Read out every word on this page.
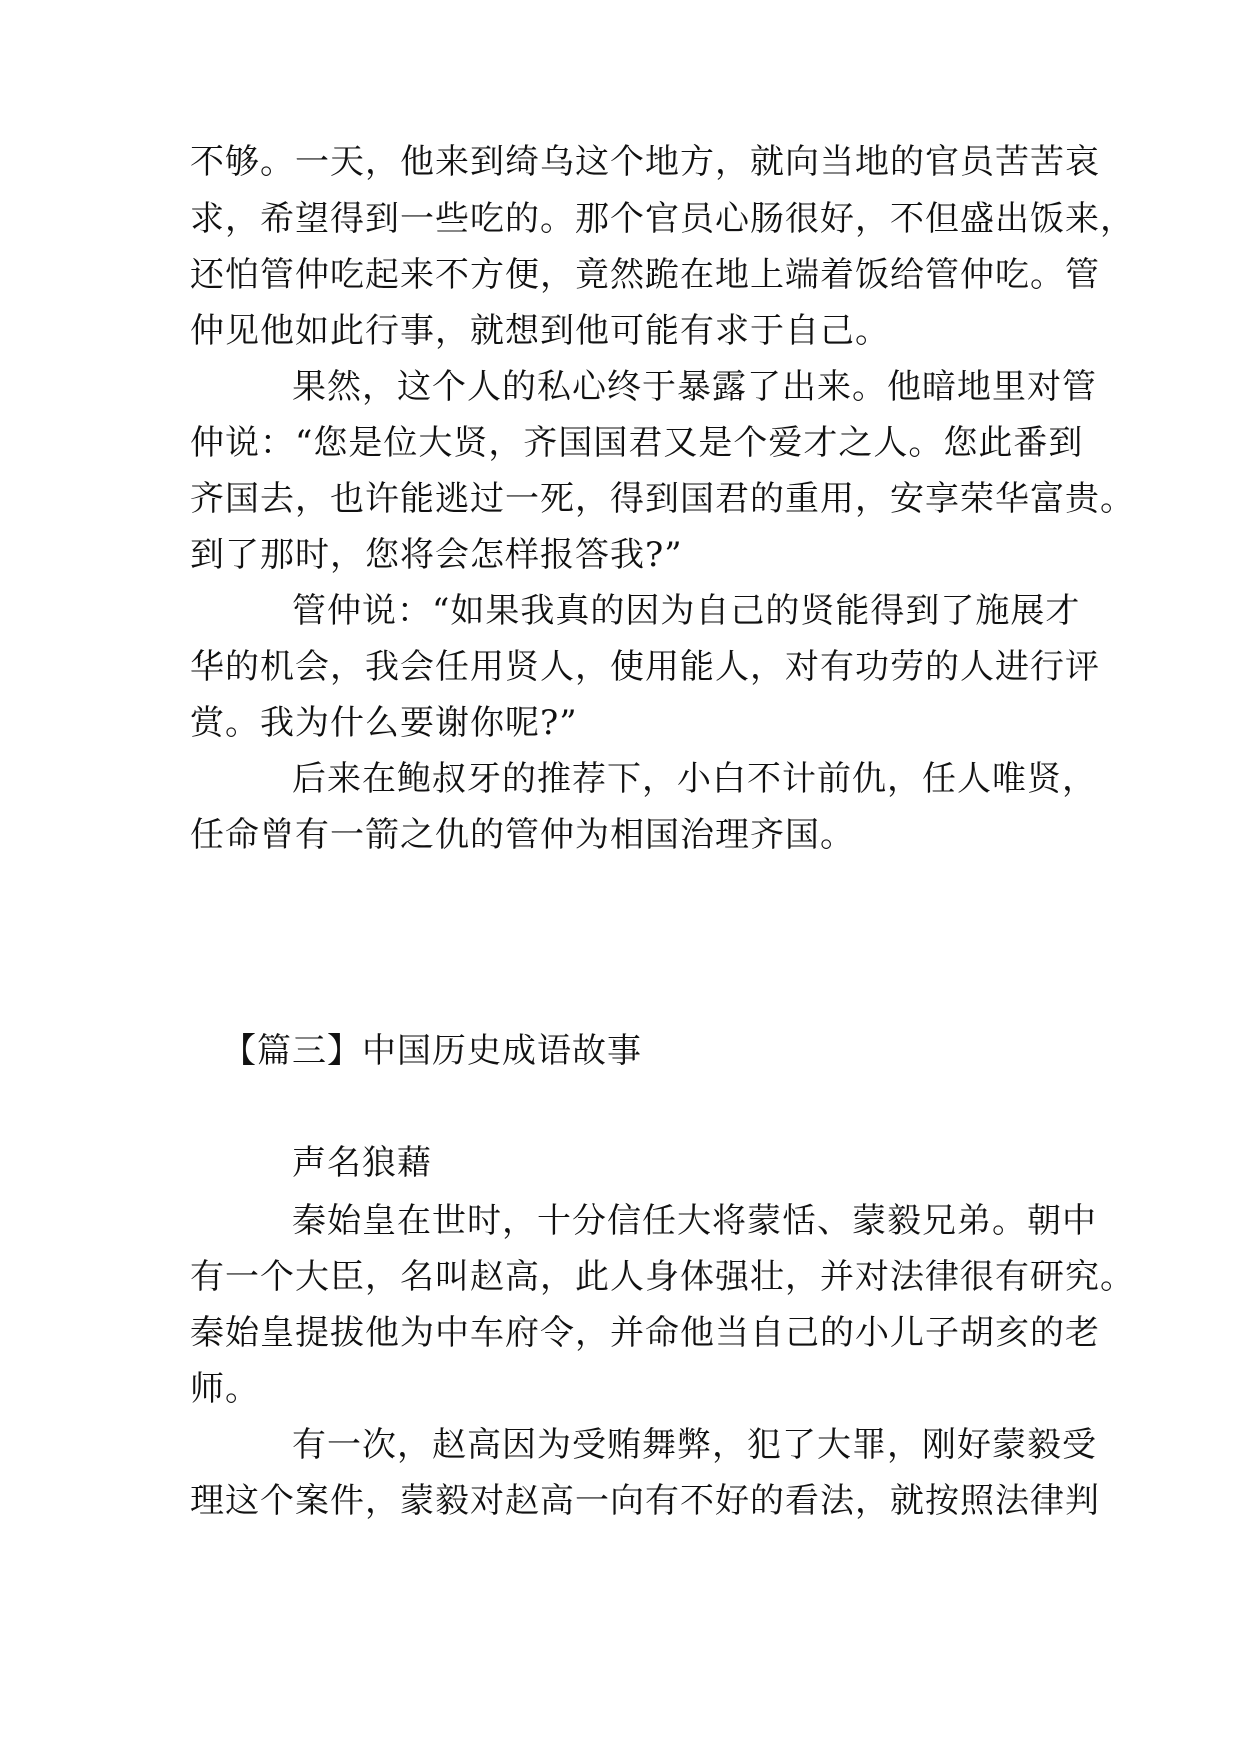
不够。一天，他来到绮乌这个地方，就向当地的官员苦苦哀
求，希望得到一些吃的。那个官员心肠很好，不但盛出饭来，
还怕管仲吃起来不方便，竟然跪在地上端着饭给管仲吃。管
仲见他如此行事，就想到他可能有求于自己。
果然，这个人的私心终于暴露了出来。他暗地里对管
仲说：“您是位大贤，齐国国君又是个爱才之人。您此番到
齐国去，也许能逃过一死，得到国君的重用，安享荣华富贵。
到了那时，您将会怎样报答我?”
管仲说：“如果我真的因为自己的贤能得到了施展才
华的机会，我会任用贤人，使用能人，对有功劳的人进行评
赏。我为什么要谢你呢?”
后来在鲍叔牙的推荐下，小白不计前仇，任人唯贤，
任命曾有一箭之仇的管仲为相国治理齐国。
【篇三】中国历史成语故事
声名狼藉
秦始皇在世时，十分信任大将蒙恬、蒙毅兄弟。朝中
有一个大臣，名叫赵高，此人身体强壮，并对法律很有研究。
秦始皇提拔他为中车府令，并命他当自己的小儿子胡亥的老
师。
有一次，赵高因为受贿舞弊，犯了大罪，刚好蒙毅受
理这个案件，蒙毅对赵高一向有不好的看法，就按照法律判
